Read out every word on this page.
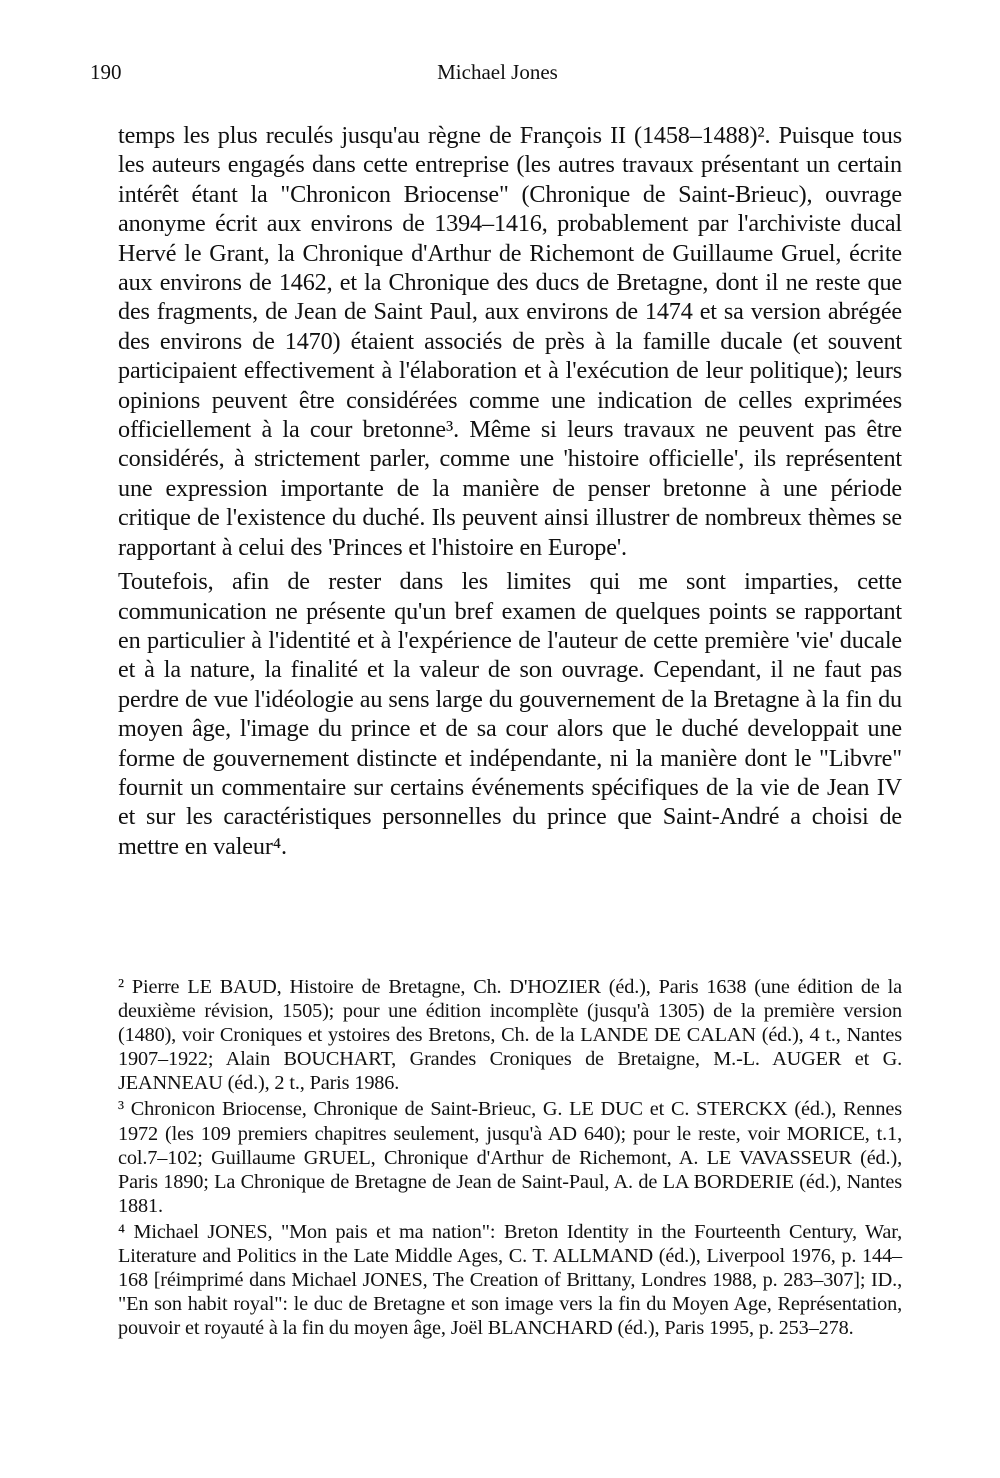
190	Michael Jones

temps les plus reculés jusqu'au règne de François II (1458–1488)². Puisque tous les auteurs engagés dans cette entreprise (les autres travaux présentant un certain intérêt étant la "Chronicon Briocense" (Chronique de Saint-Brieuc), ouvrage anonyme écrit aux environs de 1394–1416, probablement par l'archiviste ducal Hervé le Grant, la Chronique d'Arthur de Richemont de Guillaume Gruel, écrite aux environs de 1462, et la Chronique des ducs de Bretagne, dont il ne reste que des fragments, de Jean de Saint Paul, aux environs de 1474 et sa version abrégée des environs de 1470) étaient associés de près à la famille ducale (et souvent participaient effectivement à l'élaboration et à l'exécution de leur politique); leurs opinions peuvent être considérées comme une indication de celles exprimées officiellement à la cour bretonne³. Même si leurs travaux ne peuvent pas être considérés, à strictement parler, comme une 'histoire officielle', ils représentent une expression importante de la manière de penser bretonne à une période critique de l'existence du duché. Ils peuvent ainsi illustrer de nombreux thèmes se rapportant à celui des 'Princes et l'histoire en Europe'.

Toutefois, afin de rester dans les limites qui me sont imparties, cette communication ne présente qu'un bref examen de quelques points se rapportant en particulier à l'identité et à l'expérience de l'auteur de cette première 'vie' ducale et à la nature, la finalité et la valeur de son ouvrage. Cependant, il ne faut pas perdre de vue l'idéologie au sens large du gouvernement de la Bretagne à la fin du moyen âge, l'image du prince et de sa cour alors que le duché developpait une forme de gouvernement distincte et indépendante, ni la manière dont le "Libvre" fournit un commentaire sur certains événements spécifiques de la vie de Jean IV et sur les caractéristiques personnelles du prince que Saint-André a choisi de mettre en valeur⁴.

² Pierre LE BAUD, Histoire de Bretagne, Ch. D'HOZIER (éd.), Paris 1638 (une édition de la deuxième révision, 1505); pour une édition incomplète (jusqu'à 1305) de la première version (1480), voir Croniques et ystoires des Bretons, Ch. de la LANDE DE CALAN (éd.), 4 t., Nantes 1907–1922; Alain BOUCHART, Grandes Croniques de Bretaigne, M.-L. AUGER et G. JEANNEAU (éd.), 2 t., Paris 1986.

³ Chronicon Briocense, Chronique de Saint-Brieuc, G. LE DUC et C. STERCKX (éd.), Rennes 1972 (les 109 premiers chapitres seulement, jusqu'à AD 640); pour le reste, voir MORICE, t.1, col.7–102; Guillaume GRUEL, Chronique d'Arthur de Richemont, A. LE VAVASSEUR (éd.), Paris 1890; La Chronique de Bretagne de Jean de Saint-Paul, A. de LA BORDERIE (éd.), Nantes 1881.

⁴ Michael JONES, "Mon pais et ma nation": Breton Identity in the Fourteenth Century, War, Literature and Politics in the Late Middle Ages, C. T. ALLMAND (éd.), Liverpool 1976, p. 144–168 [réimprimé dans Michael JONES, The Creation of Brittany, Londres 1988, p. 283–307]; ID., "En son habit royal": le duc de Bretagne et son image vers la fin du Moyen Age, Représentation, pouvoir et royauté à la fin du moyen âge, Joël BLANCHARD (éd.), Paris 1995, p. 253–278.
